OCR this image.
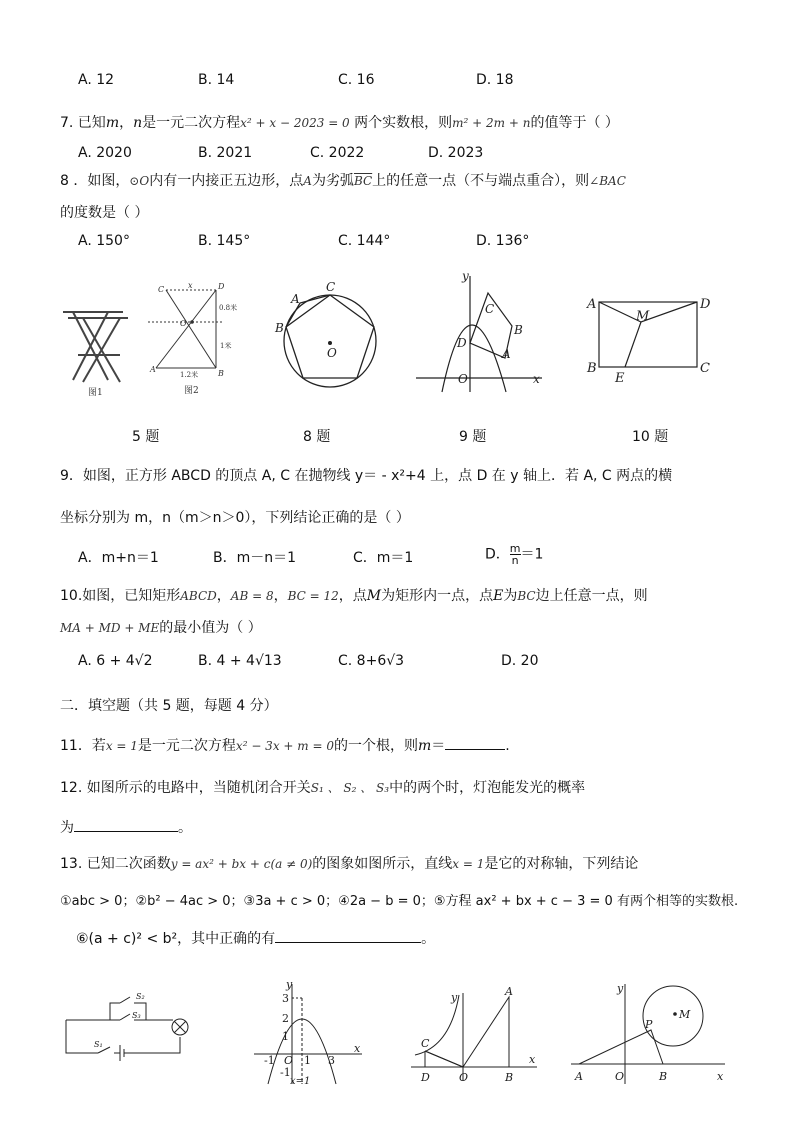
A. 12	B. 14	C. 16	D. 18
7. 已知m，n是一元二次方程x² + x − 2023 = 0 两个实数根，则m² + 2m + n的值等于（ ）
A. 2020	B. 2021	C. 2022	D. 2023
8 ．如图，⊙O内有一内接正五边形，点A为劣弧$\overline{BC}$上的任意一点（不与端点重合），则∠BAC
的度数是（ ）
A. 150°	B. 145°	C. 144°	D. 136°
图1
C	x	D
O
A	B
0.8米
1米
1.2米
图2
A
B
C
O
y
C
B
D
A
O	x
A	D
M
B
E
C
5 题	8 题	9 题	10 题
9．如图，正方形 ABCD 的顶点 A, C 在抛物线 y＝ - x²+4 上，点 D 在 y 轴上．若 A, C 两点的横
坐标分别为 m，n（m＞n＞0），下列结论正确的是（ ）
A．m+n＝1	B．m－n＝1	C．m＝1	D． $\frac{m}{n} =1$
10.如图，已知矩形ABCD，AB = 8，BC = 12，点M为矩形内一点，点E为BC边上任意一点，则
MA + MD + ME的最小值为（ ）
A. 6 + 4√2	B. 4 + 4√13	C. 8+6√3	D. 20
二．填空题（共 5 题，每题 4 分）
11．若x = 1是一元二次方程x² − 3x + m = 0的一个根，则m＝	.
12. 如图所示的电路中，当随机闭合开关S₁ 、 S₂ 、 S₃中的两个时，灯泡能发光的概率
为	。
13. 已知二次函数y = ax² + bx + c(a ≠ 0)的图象如图所示，直线x = 1是它的对称轴，下列结论
①abc > 0；②b² − 4ac > 0；③3a + c > 0；④2a − b = 0；⑤方程 ax² + bx + c − 3 = 0 有两个相等的实数根.
⑥(a + c)² < b²，其中正确的有	。
S₂
S₃
S₁
y
3
2
1
-1 O 1 3
-1
x
x=1
y	A
C
D	O	B
x
y
M
P
A	O	B	x
